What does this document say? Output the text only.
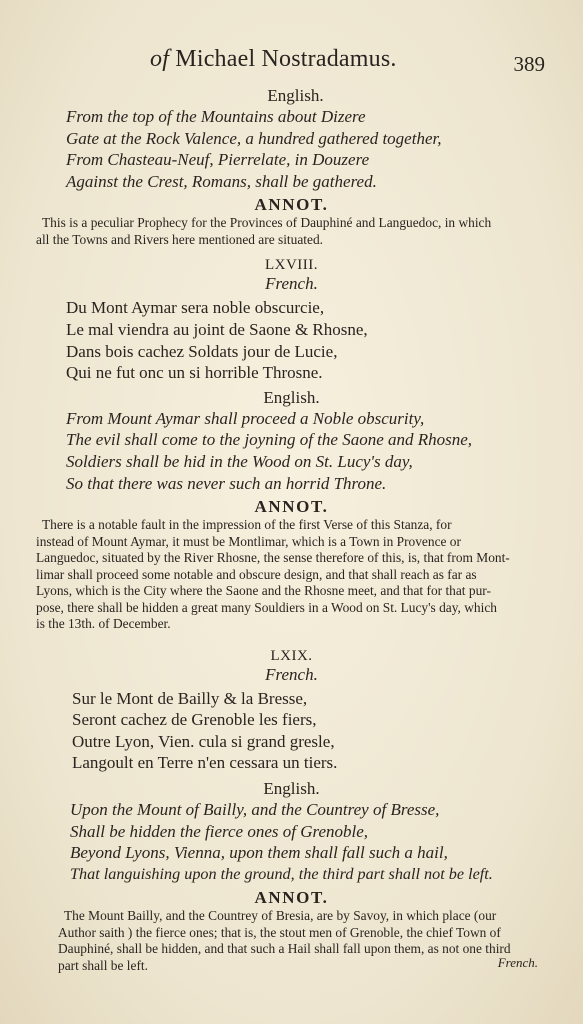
of Michael Nostradamus.	389
English.
From the top of the Mountains about Dizere
Gate at the Rock Valence, a hundred gathered together,
From Chasteau-Neuf, Pierrelate, in Douzere
Against the Crest, Romans, shall be gathered.
ANNOT.
This is a peculiar Prophecy for the Provinces of Dauphiné and Languedoc, in which
all the Towns and Rivers here mentioned are situated.
LXVIII.
French.
Du Mont Aymar sera noble obscurcie,
Le mal viendra au joint de Saone & Rhosne,
Dans bois cachez Soldats jour de Lucie,
Qui ne fut onc un si horrible Throsne.
English.
From Mount Aymar shall proceed a Noble obscurity,
The evil shall come to the joyning of the Saone and Rhosne,
Soldiers shall be hid in the Wood on St. Lucy's day,
So that there was never such an horrid Throne.
ANNOT.
There is a notable fault in the impression of the first Verse of this Stanza, for
instead of Mount Aymar, it must be Montlimar, which is a Town in Provence or
Languedoc, situated by the River Rhosne, the sense therefore of this, is, that from Mont-
limar shall proceed some notable and obscure design, and that shall reach as far as
Lyons, which is the City where the Saone and the Rhosne meet, and that for that pur-
pose, there shall be hidden a great many Souldiers in a Wood on St. Lucy's day, which
is the 13th. of December.
LXIX.
French.
Sur le Mont de Bailly & la Bresse,
Seront cachez de Grenoble les fiers,
Outre Lyon, Vien. cula si grand gresle,
Langoult en Terre n'en cessara un tiers.
English.
Upon the Mount of Bailly, and the Countrey of Bresse,
Shall be hidden the fierce ones of Grenoble,
Beyond Lyons, Vienna, upon them shall fall such a hail,
That languishing upon the ground, the third part shall not be left.
ANNOT.
The Mount Bailly, and the Countrey of Bresia, are by Savoy, in which place (our
Author saith ) the fierce ones; that is, the stout men of Grenoble, the chief Town of
Dauphiné, shall be hidden, and that such a Hail shall fall upon them, as not one third
part shall be left.	French.
